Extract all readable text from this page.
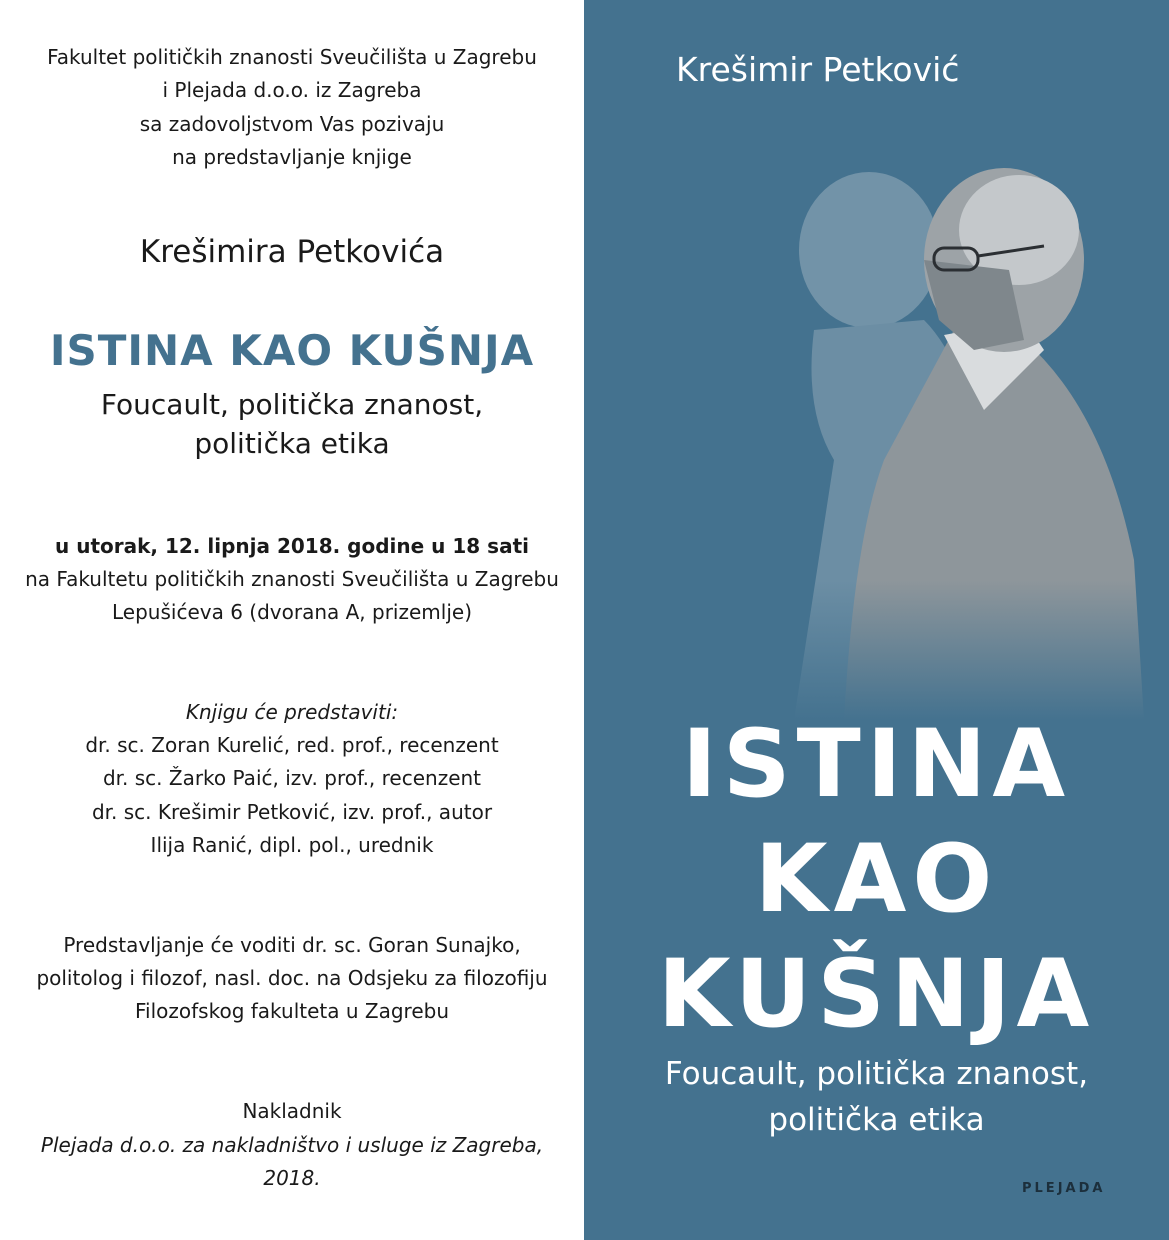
Fakultet političkih znanosti Sveučilišta u Zagrebu
i Plejada d.o.o. iz Zagreba
sa zadovoljstvom Vas pozivaju
na predstavljanje knjige
Krešimira Petkovića
ISTINA KAO KUŠNJA
Foucault, politička znanost,
politička etika
u utorak, 12. lipnja 2018. godine u 18 sati
na Fakultetu političkih znanosti Sveučilišta u Zagrebu
Lepušićeva 6 (dvorana A, prizemlje)
Knjigu će predstaviti:
dr. sc. Zoran Kurelić, red. prof., recenzent
dr. sc. Žarko Paić, izv. prof., recenzent
dr. sc. Krešimir Petković, izv. prof., autor
Ilija Ranić, dipl. pol., urednik
Predstavljanje će voditi dr. sc. Goran Sunajko,
politolog i filozof, nasl. doc. na Odsjeku za filozofiju
Filozofskog fakulteta u Zagrebu
Nakladnik
Plejada d.o.o. za nakladništvo i usluge iz Zagreba,
2018.
Krešimir Petković
ISTINA
KAO
KUŠNJA
Foucault, politička znanost,
politička etika
PLEJADA
